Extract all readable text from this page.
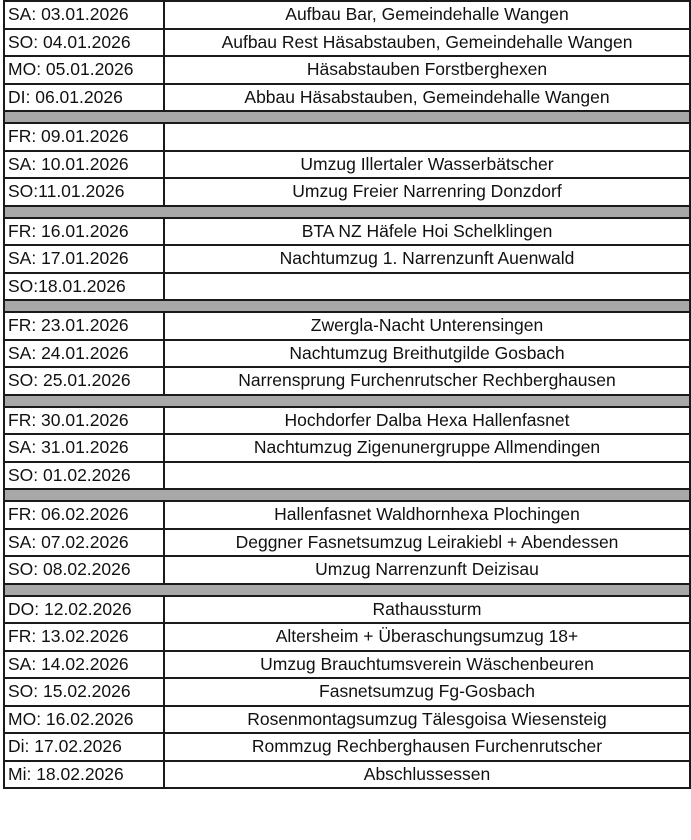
SA: 03.01.2026	Aufbau Bar, Gemeindehalle Wangen
SO: 04.01.2026	Aufbau Rest Häsabstauben, Gemeindehalle Wangen
MO: 05.01.2026	Häsabstauben Forstberghexen
DI: 06.01.2026	Abbau Häsabstauben, Gemeindehalle Wangen

FR: 09.01.2026	
SA: 10.01.2026	Umzug Illertaler Wasserbätscher
SO:11.01.2026	Umzug Freier Narrenring Donzdorf

FR: 16.01.2026	BTA NZ Häfele Hoi Schelklingen
SA: 17.01.2026	Nachtumzug 1. Narrenzunft Auenwald
SO:18.01.2026	

FR: 23.01.2026	Zwergla-Nacht Unterensingen
SA: 24.01.2026	Nachtumzug Breithutgilde Gosbach
SO: 25.01.2026	Narrensprung Furchenrutscher Rechberghausen

FR: 30.01.2026	Hochdorfer Dalba Hexa Hallenfasnet
SA: 31.01.2026	Nachtumzug Zigenunergruppe Allmendingen
SO: 01.02.2026	

FR: 06.02.2026	Hallenfasnet Waldhornhexa Plochingen
SA: 07.02.2026	Deggner Fasnetsumzug Leirakiebl + Abendessen
SO: 08.02.2026	Umzug Narrenzunft Deizisau

DO: 12.02.2026	Rathaussturm
FR: 13.02.2026	Altersheim + Überaschungsumzug 18+
SA: 14.02.2026	Umzug Brauchtumsverein Wäschenbeuren
SO: 15.02.2026	Fasnetsumzug Fg-Gosbach
MO: 16.02.2026	Rosenmontagsumzug Tälesgoisa Wiesensteig
Di: 17.02.2026	Rommzug Rechberghausen Furchenrutscher
Mi: 18.02.2026	Abschlussessen
